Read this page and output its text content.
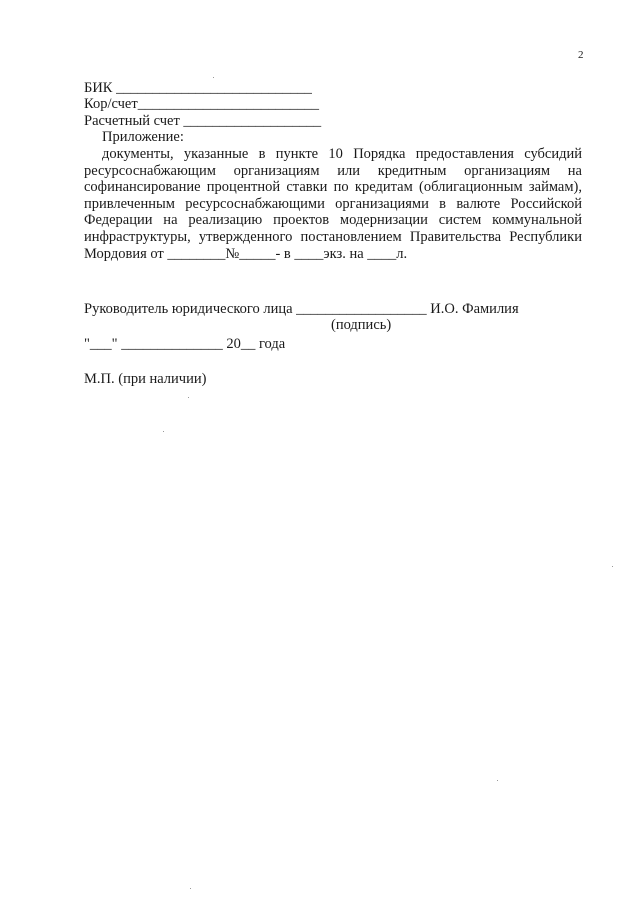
2
БИК ___________________________
Кор/счет_________________________
Расчетный счет ___________________
Приложение:
документы, указанные в пункте 10 Порядка предоставления субсидий ресурсоснабжающим организациям или кредитным организациям на софинансирование процентной ставки по кредитам (облигационным займам), привлеченным ресурсоснабжающими организациями в валюте Российской Федерации на реализацию проектов модернизации систем коммунальной инфраструктуры, утвержденного постановлением Правительства Республики Мордовия от ________№_____- в ____экз. на ____л.
Руководитель юридического лица __________________ И.О. Фамилия
(подпись)
"___" ______________ 20__ года
М.П. (при наличии)
